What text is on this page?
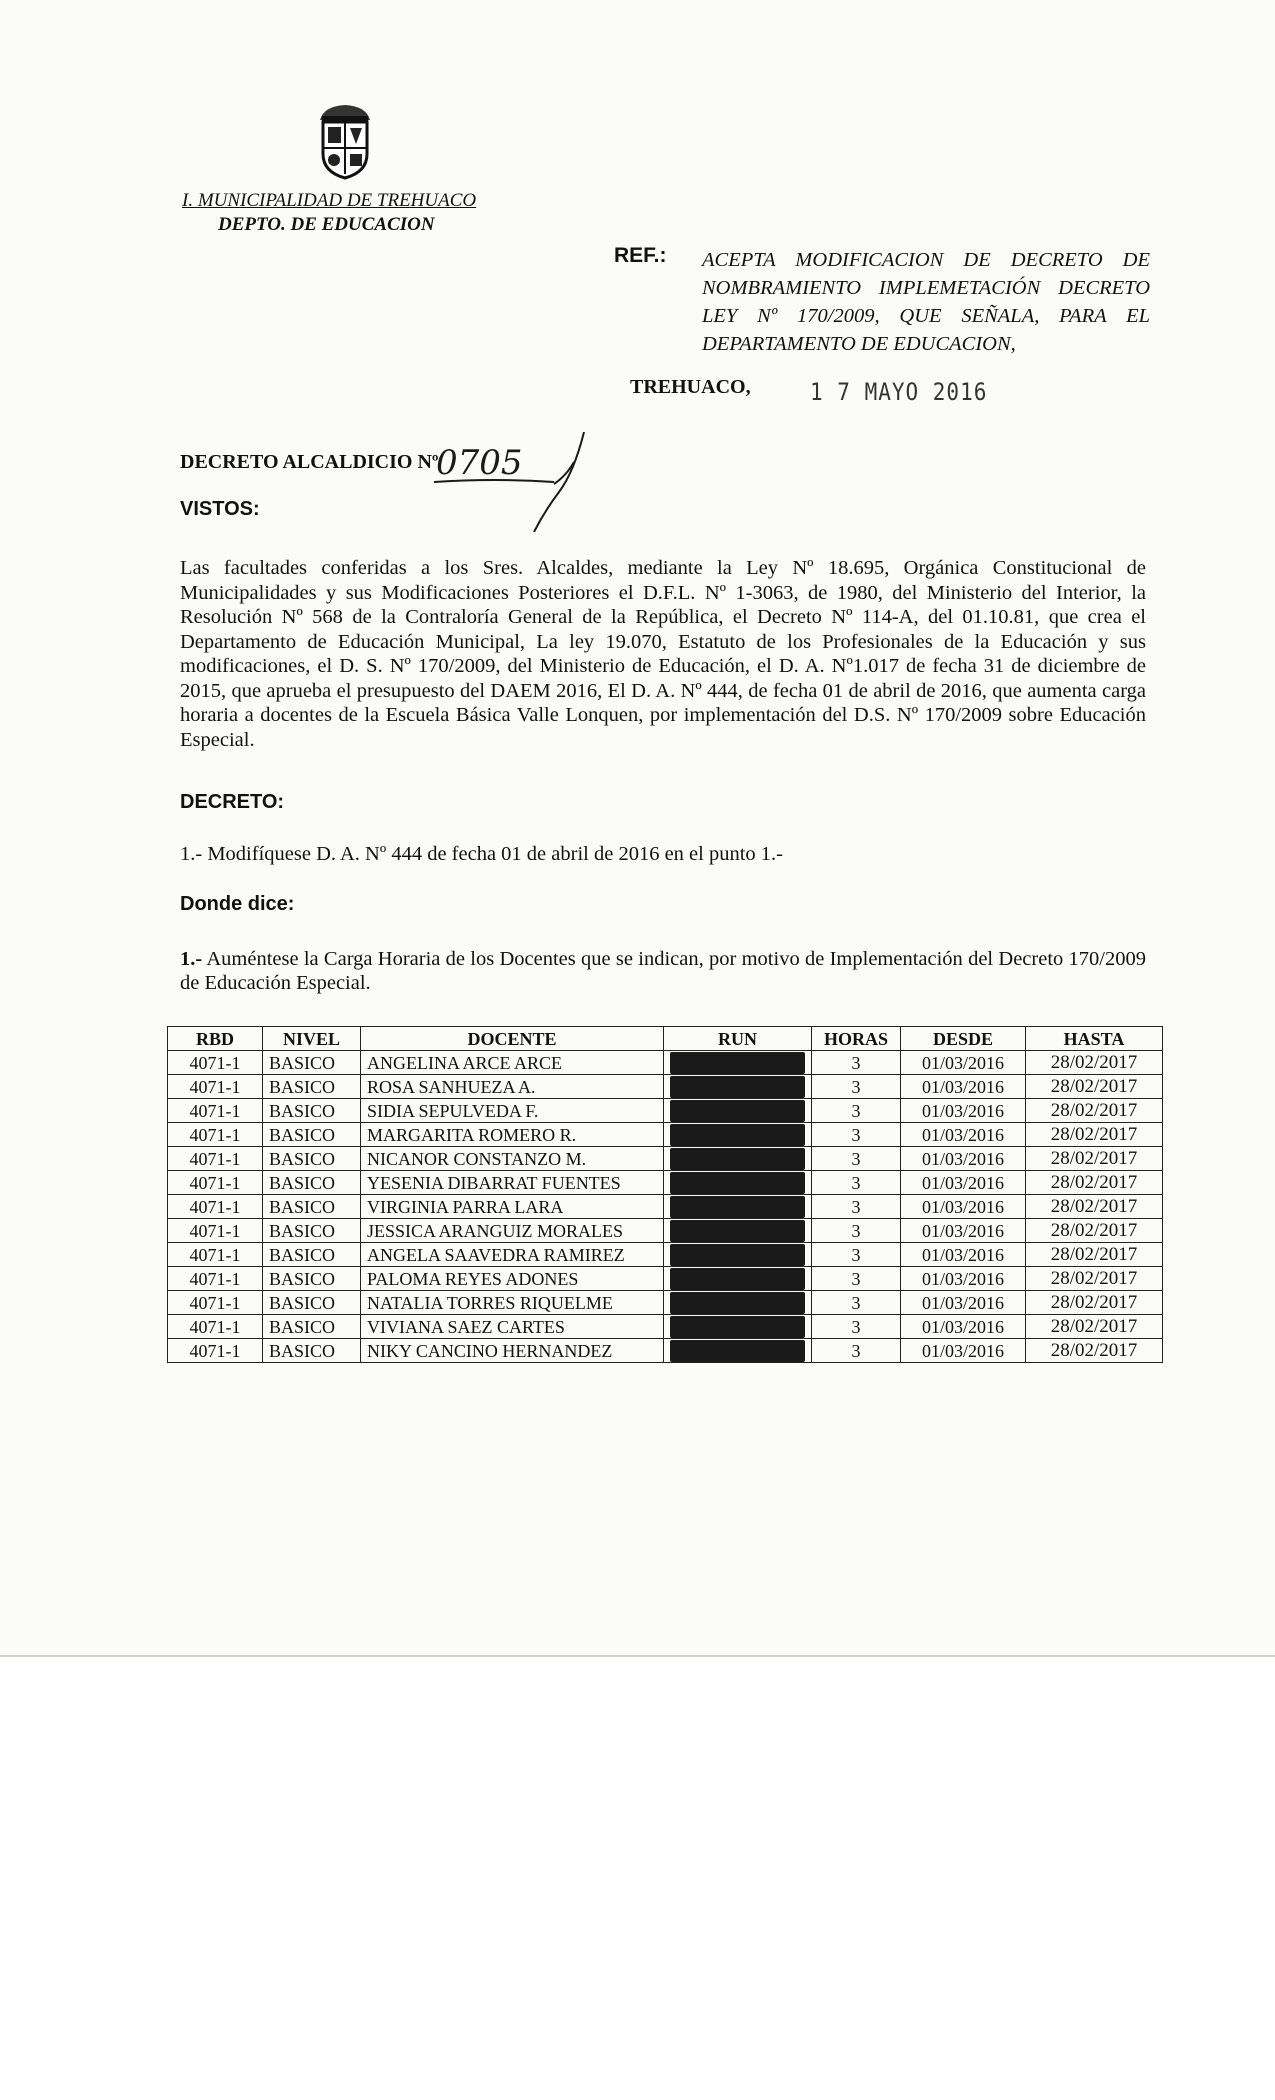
I. MUNICIPALIDAD DE TREHUACO
DEPTO. DE EDUCACION
REF.: ACEPTA MODIFICACION DE DECRETO DE NOMBRAMIENTO IMPLEMETACIÓN DECRETO LEY Nº 170/2009, QUE SEÑALA, PARA EL DEPARTAMENTO DE EDUCACION,
TREHUACO,	1 7 MAYO 2016
DECRETO ALCALDICIO Nº
0705
VISTOS:
Las facultades conferidas a los Sres. Alcaldes, mediante la Ley Nº 18.695, Orgánica Constitucional de Municipalidades y sus Modificaciones Posteriores el D.F.L. Nº 1-3063, de 1980, del Ministerio del Interior, la Resolución Nº 568 de la Contraloría General de la República, el Decreto Nº 114-A, del 01.10.81, que crea el Departamento de Educación Municipal, La ley 19.070, Estatuto de los Profesionales de la Educación y sus modificaciones, el D. S. Nº 170/2009, del Ministerio de Educación, el D. A. Nº1.017 de fecha 31 de diciembre de 2015, que aprueba el presupuesto del DAEM 2016, El D. A. Nº 444, de fecha 01 de abril de 2016, que aumenta carga horaria a docentes de la Escuela Básica Valle Lonquen, por implementación del D.S. Nº 170/2009 sobre Educación Especial.
DECRETO:
1.- Modifíquese D. A. Nº 444 de fecha 01 de abril de 2016 en el punto 1.-
Donde dice:
1.- Auméntese la Carga Horaria de los Docentes que se indican, por motivo de Implementación del Decreto 170/2009 de Educación Especial.
RBD	NIVEL	DOCENTE	RUN	HORAS	DESDE	HASTA
4071-1	BASICO	ANGELINA ARCE ARCE		3	01/03/2016	28/02/2017
4071-1	BASICO	ROSA SANHUEZA A.		3	01/03/2016	28/02/2017
4071-1	BASICO	SIDIA SEPULVEDA F.		3	01/03/2016	28/02/2017
4071-1	BASICO	MARGARITA ROMERO R.		3	01/03/2016	28/02/2017
4071-1	BASICO	NICANOR CONSTANZO M.		3	01/03/2016	28/02/2017
4071-1	BASICO	YESENIA DIBARRAT FUENTES		3	01/03/2016	28/02/2017
4071-1	BASICO	VIRGINIA PARRA LARA		3	01/03/2016	28/02/2017
4071-1	BASICO	JESSICA ARANGUIZ MORALES		3	01/03/2016	28/02/2017
4071-1	BASICO	ANGELA SAAVEDRA RAMIREZ		3	01/03/2016	28/02/2017
4071-1	BASICO	PALOMA REYES ADONES		3	01/03/2016	28/02/2017
4071-1	BASICO	NATALIA TORRES RIQUELME		3	01/03/2016	28/02/2017
4071-1	BASICO	VIVIANA SAEZ CARTES		3	01/03/2016	28/02/2017
4071-1	BASICO	NIKY CANCINO HERNANDEZ		3	01/03/2016	28/02/2017
